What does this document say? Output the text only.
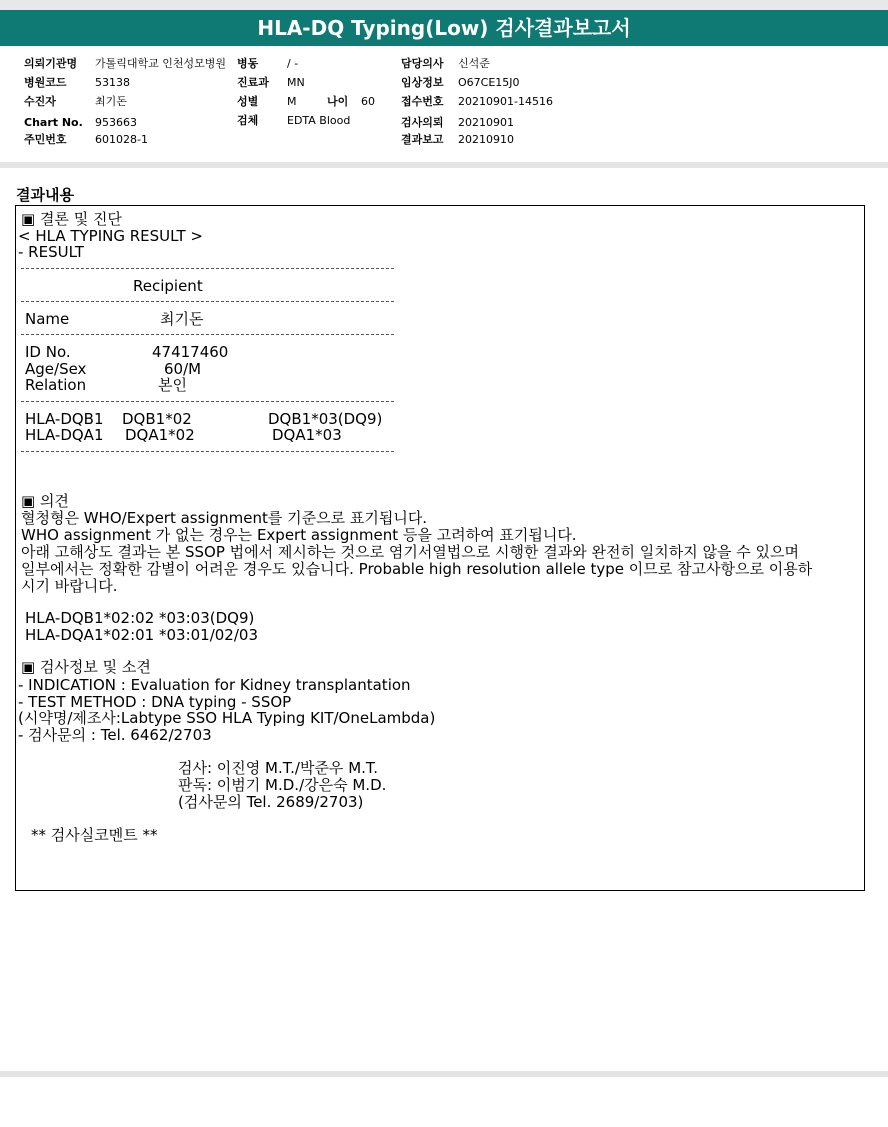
HLA-DQ Typing(Low) 검사결과보고서
의뢰기관명 가톨릭대학교 인천성모병원
병원코드	53138
수진자	최기돈
Chart No. 953663
주민번호	601028-1
병동	/ -
진료과 MN
성별	M	나이 60
검체	EDTA Blood
담당의사 신석준
임상정보 O67CE15J0
접수번호 20210901-14516
검사의뢰 20210901
결과보고 20210910
결과내용
▣ 결론 및 진단
< HLA TYPING RESULT >
- RESULT
Recipient
Name	최기돈
ID No.	47417460
Age/Sex	60/M
Relation	본인
HLA-DQB1 DQB1*02	DQB1*03(DQ9)
HLA-DQA1 DQA1*02	DQA1*03
▣ 의견
혈청형은 WHO/Expert assignment를 기준으로 표기됩니다.
WHO assignment 가 없는 경우는 Expert assignment 등을 고려하여 표기됩니다.
아래 고해상도 결과는 본 SSOP 법에서 제시하는 것으로 염기서열법으로 시행한 결과와 완전히 일치하지 않을 수 있으며
일부에서는 정확한 감별이 어려운 경우도 있습니다. Probable high resolution allele type 이므로 참고사항으로 이용하
시기 바랍니다.
HLA-DQB1*02:02 *03:03(DQ9)
HLA-DQA1*02:01 *03:01/02/03
▣ 검사정보 및 소견
- INDICATION : Evaluation for Kidney transplantation
- TEST METHOD : DNA typing - SSOP
(시약명/제조사:Labtype SSO HLA Typing KIT/OneLambda)
- 검사문의 : Tel. 6462/2703
검사: 이진영 M.T./박준우 M.T.
판독: 이범기 M.D./강은숙 M.D.
(검사문의 Tel. 2689/2703)
** 검사실코멘트 **
